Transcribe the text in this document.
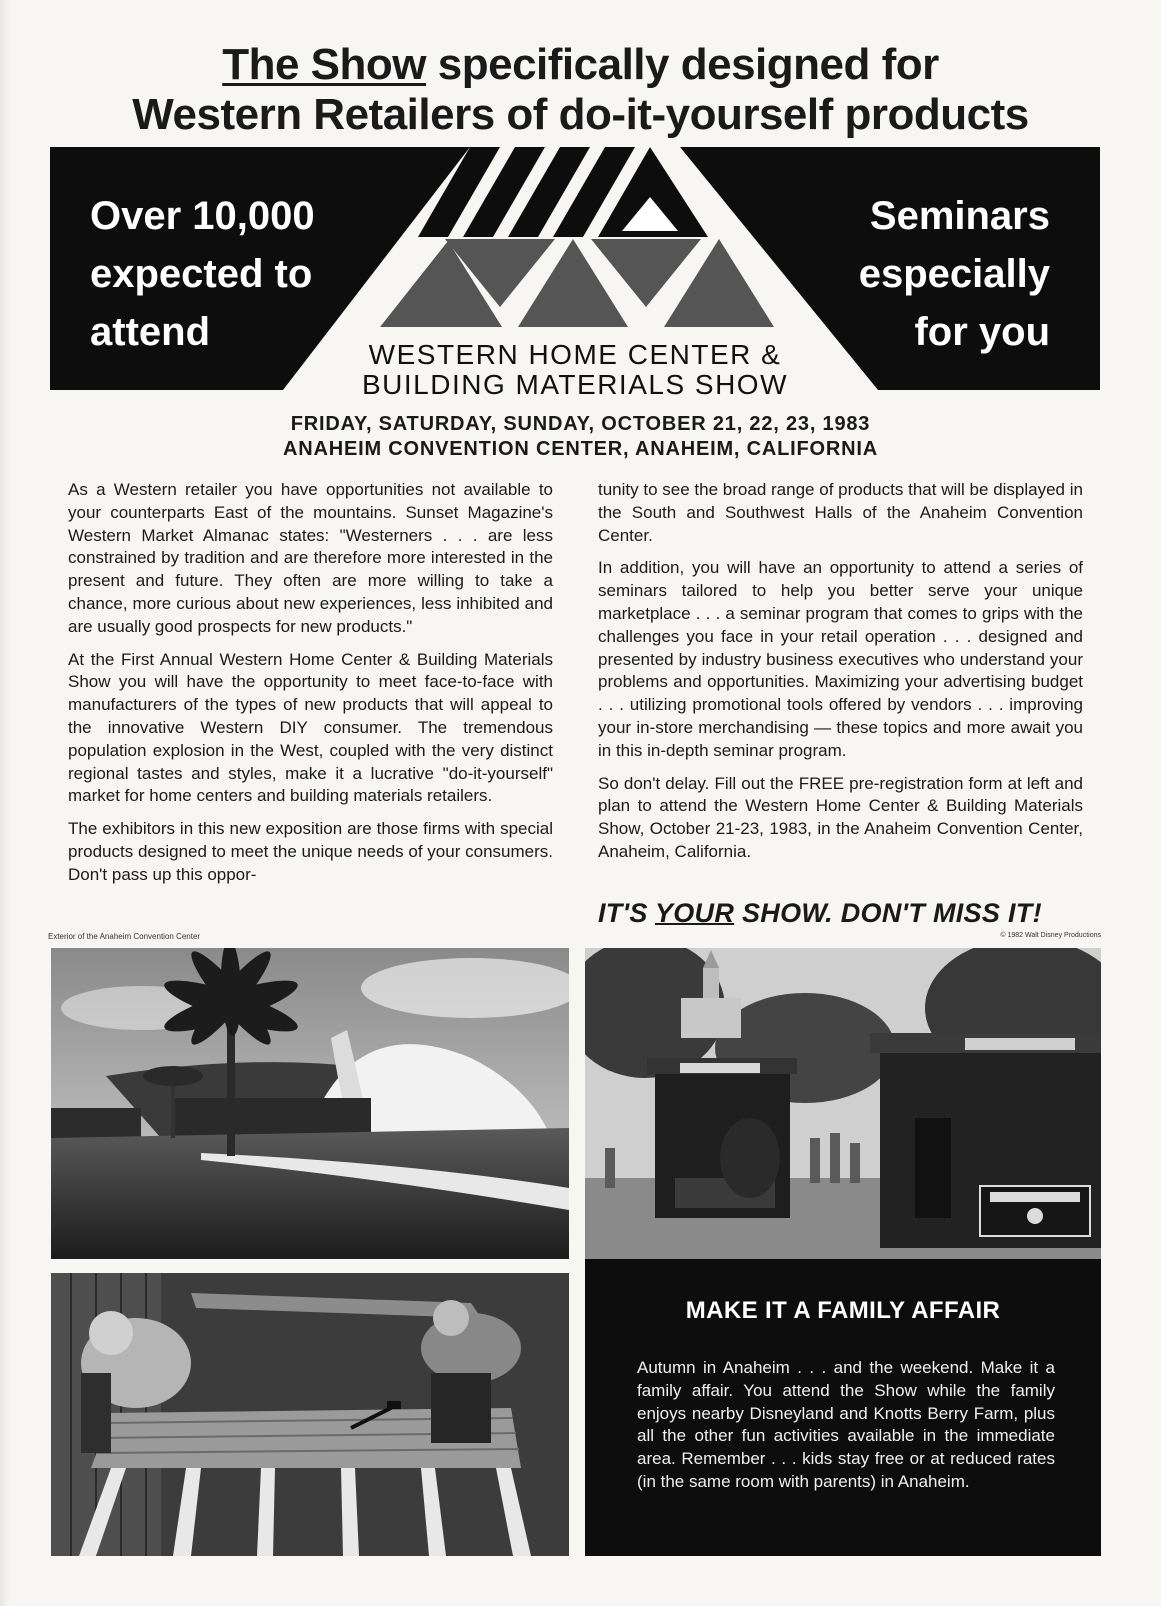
The Show specifically designed for
Western Retailers of do-it-yourself products
Over 10,000
expected to
attend
Seminars
especially
for you
WESTERN HOME CENTER &
BUILDING MATERIALS SHOW
FRIDAY, SATURDAY, SUNDAY, OCTOBER 21, 22, 23, 1983
ANAHEIM CONVENTION CENTER, ANAHEIM, CALIFORNIA

As a Western retailer you have opportunities not available to your counterparts East of the mountains. Sunset Magazine's Western Market Almanac states: "Westerners . . . are less constrained by tradition and are therefore more interested in the present and future. They often are more willing to take a chance, more curious about new experiences, less inhibited and are usually good prospects for new products."

At the First Annual Western Home Center & Building Materials Show you will have the opportunity to meet face-to-face with manufacturers of the types of new products that will appeal to the innovative Western DIY consumer. The tremendous population explosion in the West, coupled with the very distinct regional tastes and styles, make it a lucrative "do-it-yourself" market for home centers and building materials retailers.

The exhibitors in this new exposition are those firms with special products designed to meet the unique needs of your consumers. Don't pass up this oppor-

tunity to see the broad range of products that will be displayed in the South and Southwest Halls of the Anaheim Convention Center.

In addition, you will have an opportunity to attend a series of seminars tailored to help you better serve your unique marketplace . . . a seminar program that comes to grips with the challenges you face in your retail operation . . . designed and presented by industry business executives who understand your problems and opportunities. Maximizing your advertising budget . . . utilizing promotional tools offered by vendors . . . improving your in-store merchandising — these topics and more await you in this in-depth seminar program.

So don't delay. Fill out the FREE pre-registration form at left and plan to attend the Western Home Center & Building Materials Show, October 21-23, 1983, in the Anaheim Convention Center, Anaheim, California.

IT'S YOUR SHOW. DON'T MISS IT!
Exterior of the Anaheim Convention Center	© 1982 Walt Disney Productions
MAKE IT A FAMILY AFFAIR
Autumn in Anaheim . . . and the weekend. Make it a family affair. You attend the Show while the family enjoys nearby Disneyland and Knotts Berry Farm, plus all the other fun activities available in the immediate area. Remember . . . kids stay free or at reduced rates (in the same room with parents) in Anaheim.
